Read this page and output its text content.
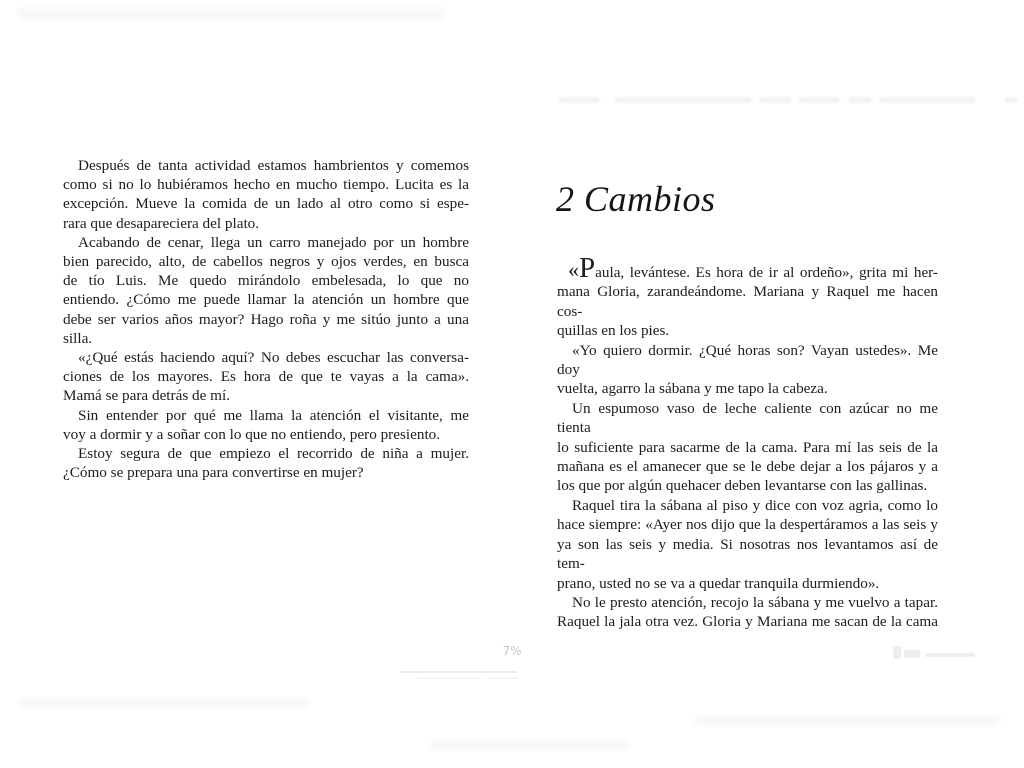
Después de tanta actividad estamos hambrientos y comemos
como si no lo hubiéramos hecho en mucho tiempo. Lucita es la
excepción. Mueve la comida de un lado al otro como si espe-
rara que desapareciera del plato.
Acabando de cenar, llega un carro manejado por un hombre
bien parecido, alto, de cabellos negros y ojos verdes, en busca
de tío Luis. Me quedo mirándolo embelesada, lo que no
entiendo. ¿Cómo me puede llamar la atención un hombre que
debe ser varios años mayor? Hago roña y me sitúo junto a una
silla.
«¿Qué estás haciendo aquí? No debes escuchar las conversa-
ciones de los mayores. Es hora de que te vayas a la cama».
Mamá se para detrás de mí.
Sin entender por qué me llama la atención el visitante, me
voy a dormir y a soñar con lo que no entiendo, pero presiento.
Estoy segura de que empiezo el recorrido de niña a mujer.
¿Cómo se prepara una para convertirse en mujer?
2 Cambios
«Paula, levántese. Es hora de ir al ordeño», grita mi her-
mana Gloria, zarandeándome. Mariana y Raquel me hacen cos-
quillas en los pies.
«Yo quiero dormir. ¿Qué horas son? Vayan ustedes». Me doy
vuelta, agarro la sábana y me tapo la cabeza.
Un espumoso vaso de leche caliente con azúcar no me tienta
lo suficiente para sacarme de la cama. Para mí las seis de la
mañana es el amanecer que se le debe dejar a los pájaros y a
los que por algún quehacer deben levantarse con las gallinas.
Raquel tira la sábana al piso y dice con voz agria, como lo
hace siempre: «Ayer nos dijo que la despertáramos a las seis y
ya son las seis y media. Si nosotras nos levantamos así de tem-
prano, usted no se va a quedar tranquila durmiendo».
No le presto atención, recojo la sábana y me vuelvo a tapar.
Raquel la jala otra vez. Gloria y Mariana me sacan de la cama
7%
